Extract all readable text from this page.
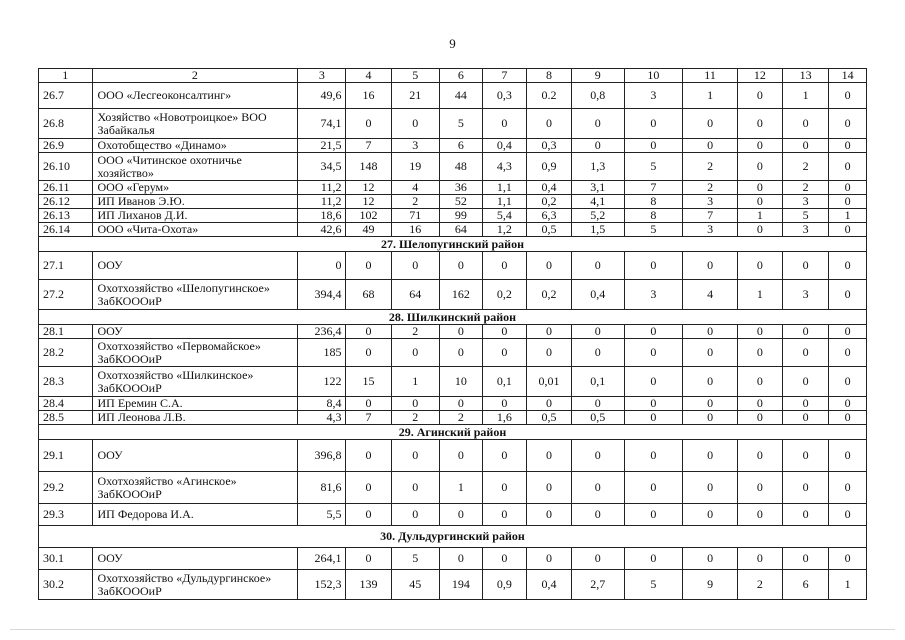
9
1	2	3	4	5	6	7	8	9	10	11	12	13	14
26.7	ООО «Лесгеоконсалтинг»	49,6	16	21	44	0,3	0.2	0,8	3	1	0	1	0
26.8	Хозяйство «Новотроицкое» ВОО Забайкалья	74,1	0	0	5	0	0	0	0	0	0	0	0
26.9	Охотобщество «Динамо»	21,5	7	3	6	0,4	0,3	0	0	0	0	0	0
26.10	ООО «Читинское охотничье хозяйство»	34,5	148	19	48	4,3	0,9	1,3	5	2	0	2	0
26.11	ООО «Герум»	11,2	12	4	36	1,1	0,4	3,1	7	2	0	2	0
26.12	ИП Иванов Э.Ю.	11,2	12	2	52	1,1	0,2	4,1	8	3	0	3	0
26.13	ИП Лиханов Д.И.	18,6	102	71	99	5,4	6,3	5,2	8	7	1	5	1
26.14	ООО «Чита-Охота»	42,6	49	16	64	1,2	0,5	1,5	5	3	0	3	0
27. Шелопугинский район													
27.1	ООУ	0	0	0	0	0	0	0	0	0	0	0	0
27.2	Охотхозяйство «Шелопугинское» ЗабКОООиР	394,4	68	64	162	0,2	0,2	0,4	3	4	1	3	0
28. Шилкинский район													
28.1	ООУ	236,4	0	2	0	0	0	0	0	0	0	0	0
28.2	Охотхозяйство «Первомайское» ЗабКОООиР	185	0	0	0	0	0	0	0	0	0	0	0
28.3	Охотхозяйство «Шилкинское» ЗабКОООиР	122	15	1	10	0,1	0,01	0,1	0	0	0	0	0
28.4	ИП Еремин С.А.	8,4	0	0	0	0	0	0	0	0	0	0	0
28.5	ИП Леонова Л.В.	4,3	7	2	2	1,6	0,5	0,5	0	0	0	0	0
29. Агинский район													
29.1	ООУ	396,8	0	0	0	0	0	0	0	0	0	0	0
29.2	Охотхозяйство «Агинское» ЗабКОООиР	81,6	0	0	1	0	0	0	0	0	0	0	0
29.3	ИП Федорова И.А.	5,5	0	0	0	0	0	0	0	0	0	0	0
30. Дульдургинский район													
30.1	ООУ	264,1	0	5	0	0	0	0	0	0	0	0	0
30.2	Охотхозяйство «Дульдургинское» ЗабКОООиР	152,3	139	45	194	0,9	0,4	2,7	5	9	2	6	1
